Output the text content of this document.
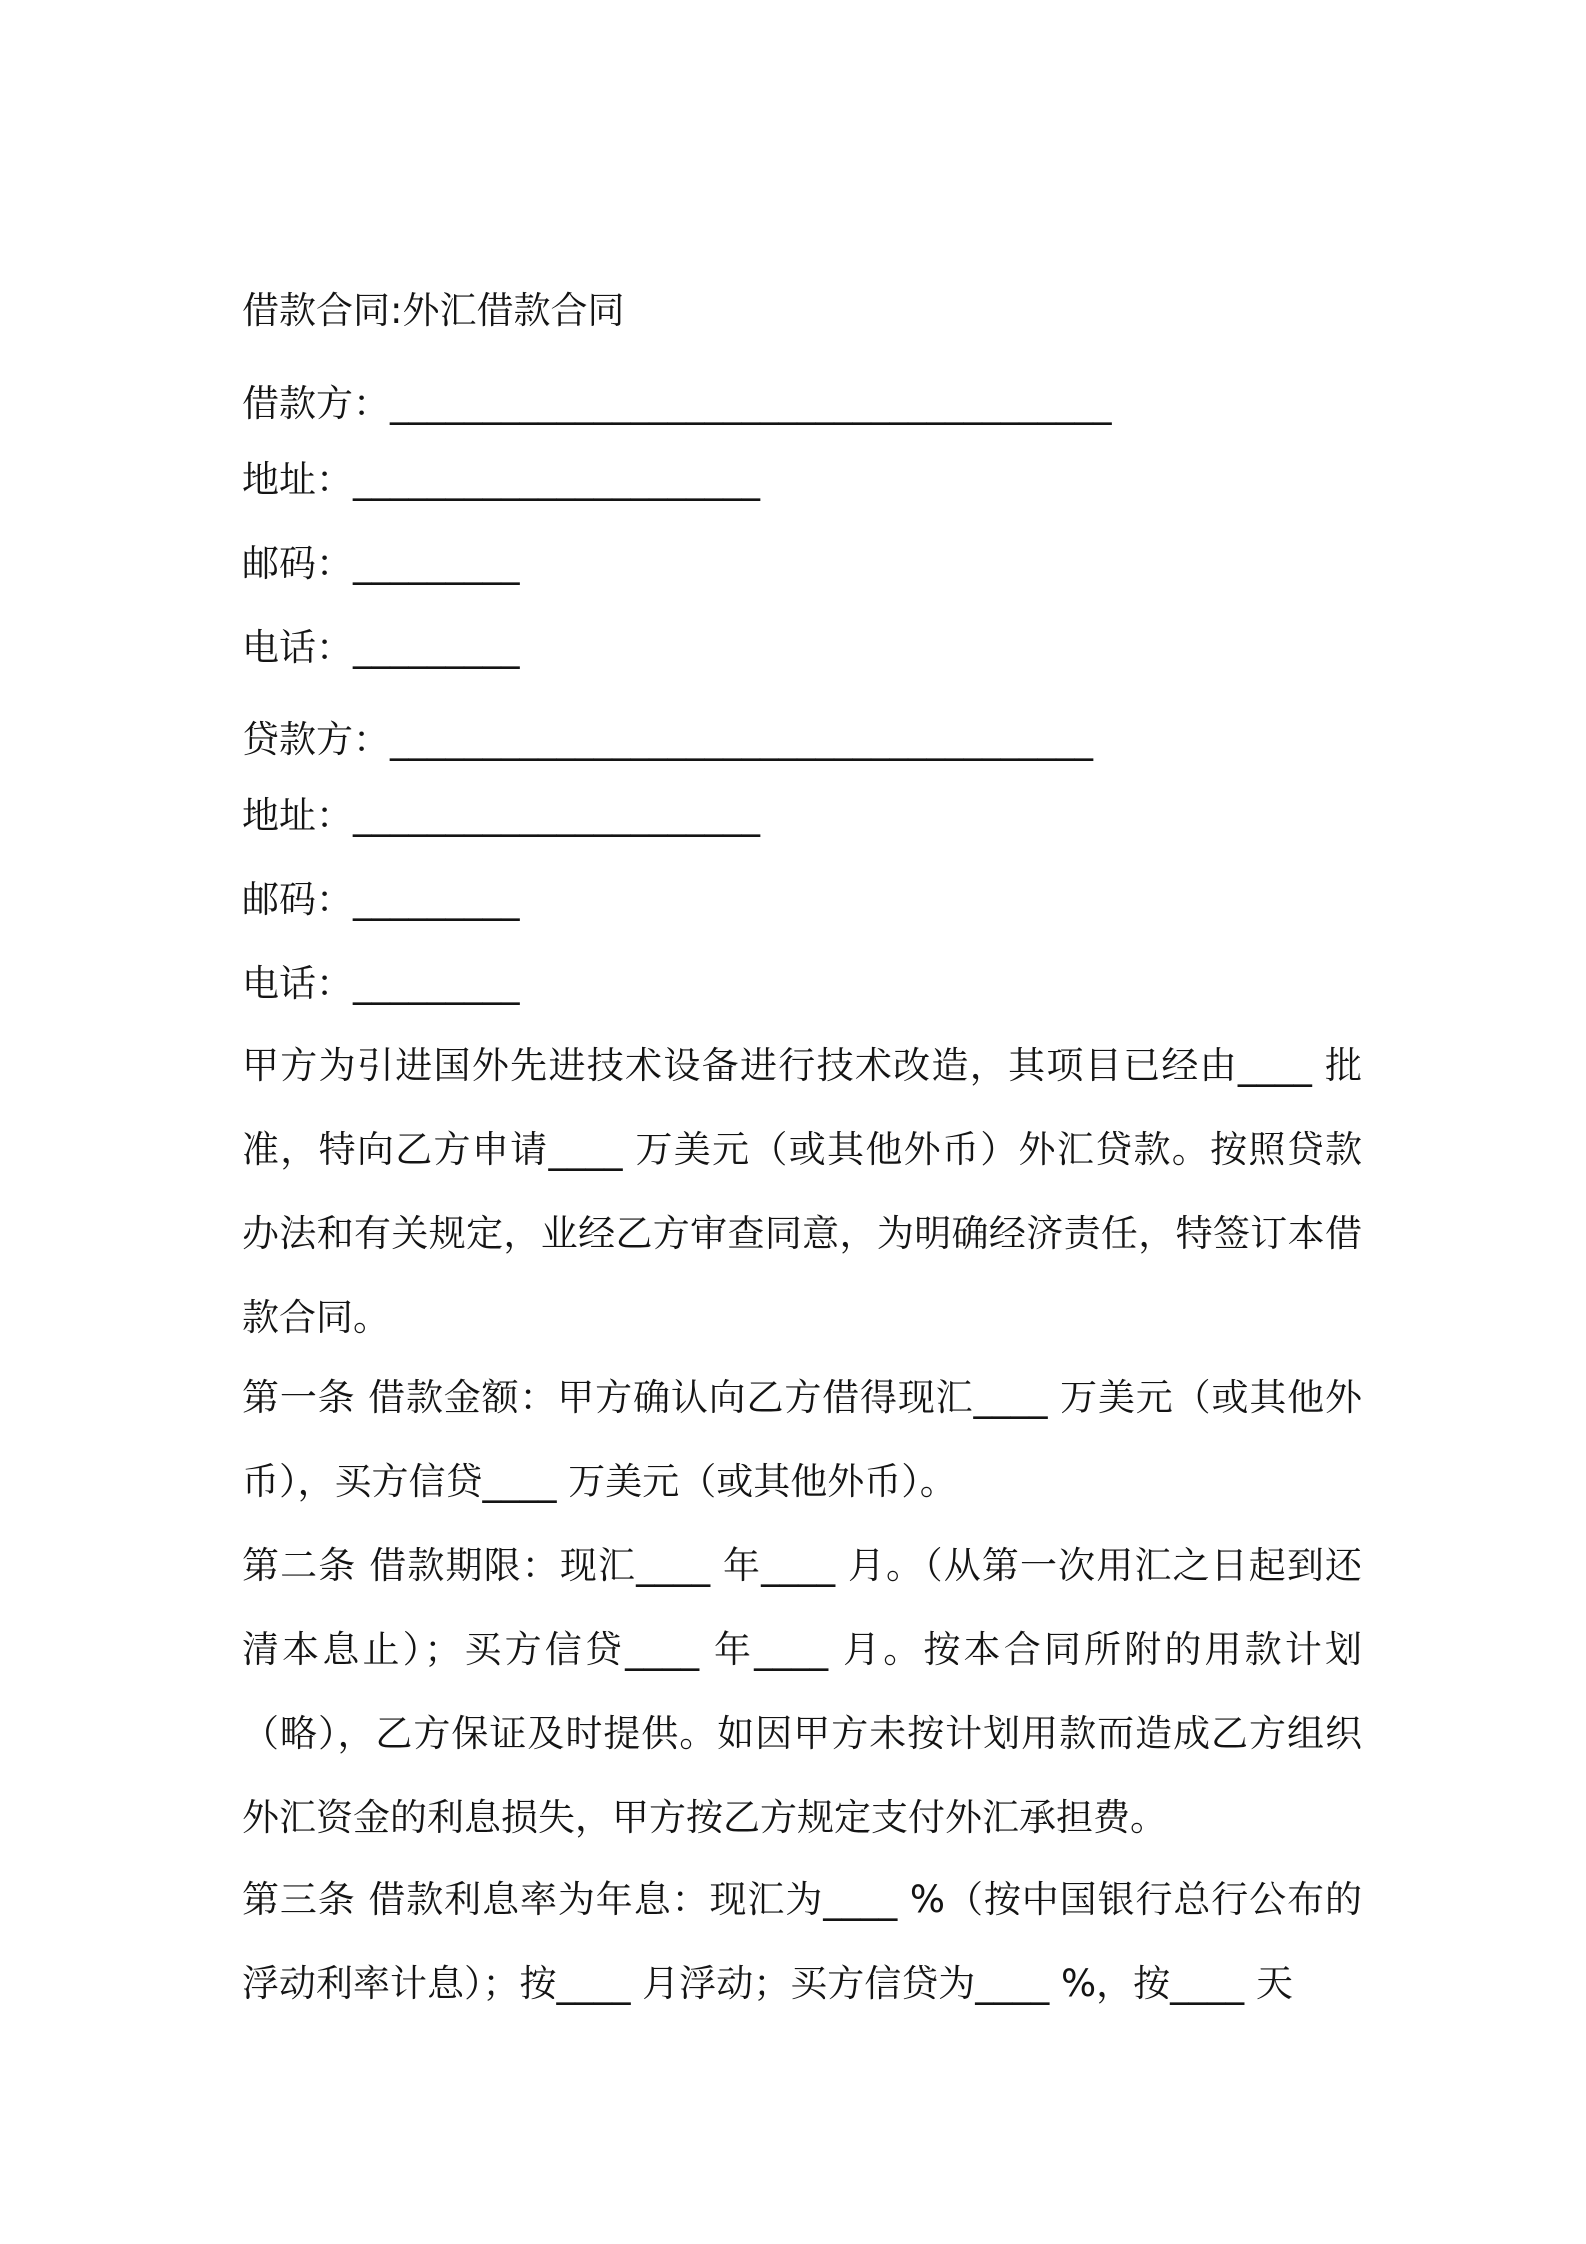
借款合同:外汇借款合同
借款方：_______________________________________
地址：______________________
邮码：_________
电话：_________
贷款方：______________________________________
地址：______________________
邮码：_________
电话：_________

甲方为引进国外先进技术设备进行技术改造，其项目已经由____ 批准，特向乙方申请____ 万美元（或其他外币）外汇贷款。按照贷款办法和有关规定，业经乙方审查同意，为明确经济责任，特签订本借款合同。

第一条 借款金额：甲方确认向乙方借得现汇____ 万美元（或其他外币），买方信贷____ 万美元（或其他外币）。

第二条 借款期限：现汇____ 年____ 月。（从第一次用汇之日起到还清本息止）；买方信贷____ 年____ 月。按本合同所附的用款计划（略），乙方保证及时提供。如因甲方未按计划用款而造成乙方组织外汇资金的利息损失，甲方按乙方规定支付外汇承担费。

第三条 借款利息率为年息：现汇为____ %（按中国银行总行公布的浮动利率计息）；按____ 月浮动；买方信贷为____ %，按____ 天
